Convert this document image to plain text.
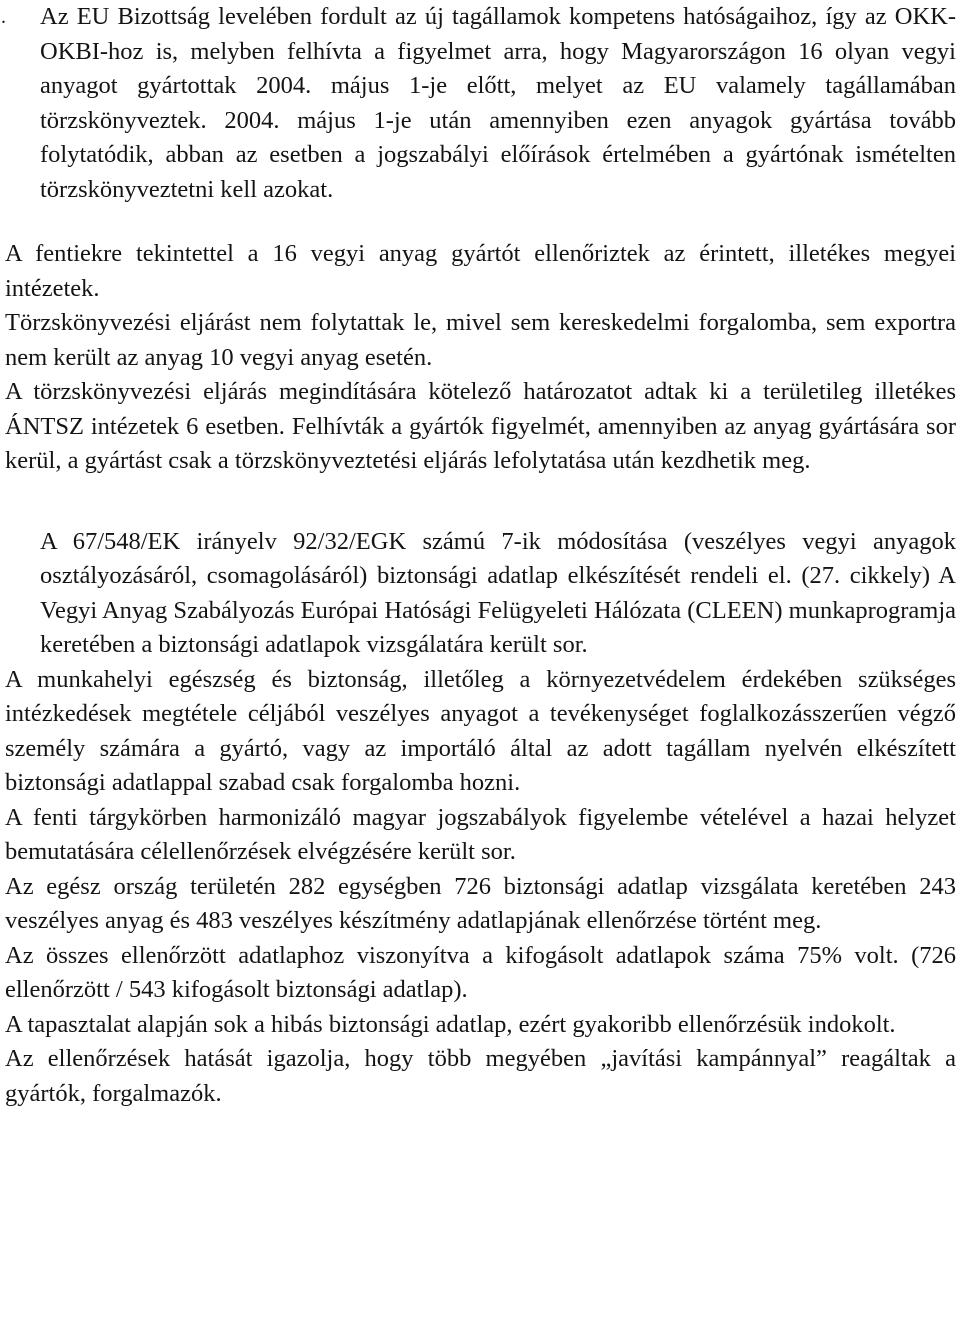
.	Az EU Bizottság levelében fordult az új tagállamok kompetens hatóságaihoz, így az OKK- OKBI-hoz is, melyben felhívta a figyelmet arra, hogy Magyarországon 16 olyan vegyi anyagot gyártottak 2004. május 1-je előtt, melyet az EU valamely tagállamában törzskönyveztek. 2004. május 1-je után amennyiben ezen anyagok gyártása tovább folytatódik, abban az esetben a jogszabályi előírások értelmében a gyártónak ismételten törzskönyveztetni kell azokat.

A fentiekre tekintettel a 16 vegyi anyag gyártót ellenőriztek az érintett, illetékes megyei intézetek.

Törzskönyvezési eljárást nem folytattak le, mivel sem kereskedelmi forgalomba, sem exportra nem került az anyag 10 vegyi anyag esetén.

A törzskönyvezési eljárás megindítására kötelező határozatot adtak ki a területileg illetékes ÁNTSZ intézetek 6 esetben. Felhívták a gyártók figyelmét, amennyiben az anyag gyártására sor kerül, a gyártást csak a törzskönyveztetési eljárás lefolytatása után kezdhetik meg.

A 67/548/EK irányelv 92/32/EGK számú 7-ik módosítása (veszélyes vegyi anyagok osztályozásáról, csomagolásáról) biztonsági adatlap elkészítését rendeli el. (27. cikkely) A Vegyi Anyag Szabályozás Európai Hatósági Felügyeleti Hálózata (CLEEN) munkaprogramja keretében a biztonsági adatlapok vizsgálatára került sor.

A munkahelyi egészség és biztonság, illetőleg a környezetvédelem érdekében szükséges intézkedések megtétele céljából veszélyes anyagot a tevékenységet foglalkozásszerűen végző személy számára a gyártó, vagy az importáló által az adott tagállam nyelvén elkészített biztonsági adatlappal szabad csak forgalomba hozni.

A fenti tárgykörben harmonizáló magyar jogszabályok figyelembe vételével a hazai helyzet bemutatására célellenőrzések elvégzésére került sor.

Az egész ország területén 282 egységben 726 biztonsági adatlap vizsgálata keretében 243 veszélyes anyag és 483 veszélyes készítmény adatlapjának ellenőrzése történt meg.

Az összes ellenőrzött adatlaphoz viszonyítva a kifogásolt adatlapok száma 75% volt. (726 ellenőrzött / 543 kifogásolt biztonsági adatlap).

A tapasztalat alapján sok a hibás biztonsági adatlap, ezért gyakoribb ellenőrzésük indokolt.

Az ellenőrzések hatását igazolja, hogy több megyében „javítási kampánnyal” reagáltak a gyártók, forgalmazók.
